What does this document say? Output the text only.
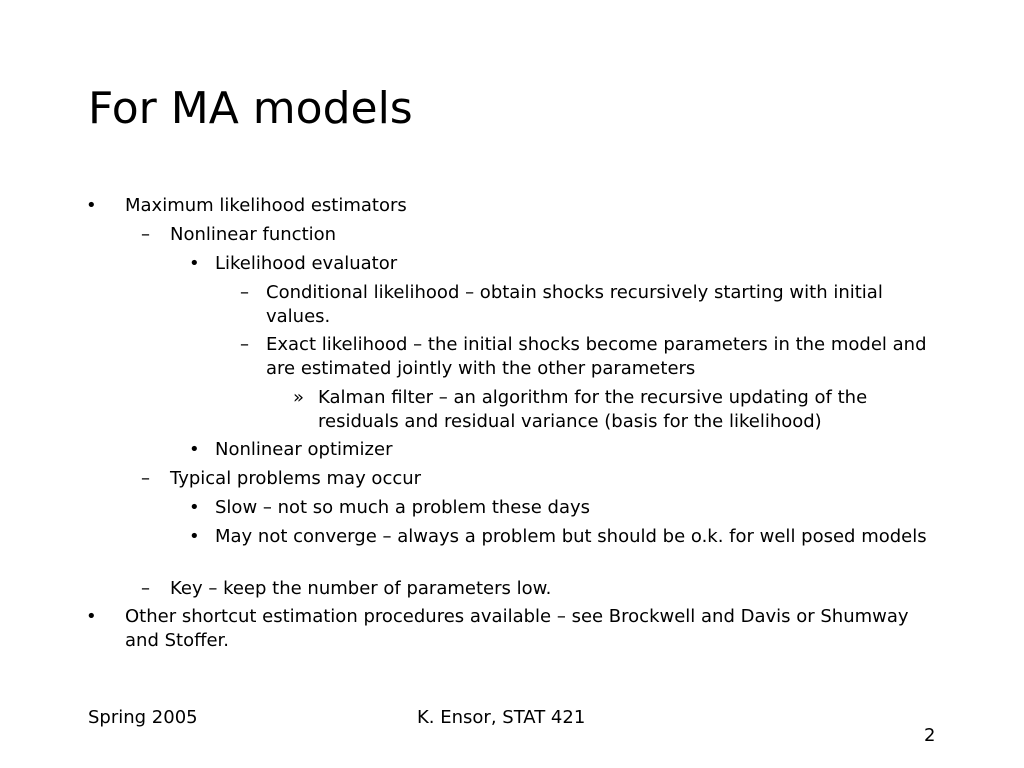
For MA models
•	Maximum likelihood estimators
–	Nonlinear function
• Likelihood evaluator
– Conditional likelihood – obtain shocks recursively starting with initial values.
– Exact likelihood – the initial shocks become parameters in the model and are estimated jointly with the other parameters
» Kalman filter – an algorithm for the recursive updating of the residuals and residual variance (basis for the likelihood)
• Nonlinear optimizer
–	Typical problems may occur
• Slow – not so much a problem these days
• May not converge – always a problem but should be o.k. for well posed models
–	Key – keep the number of parameters low.
•	Other shortcut estimation procedures available – see Brockwell and Davis or Shumway and Stoffer.
Spring 2005	K. Ensor, STAT 421
2
